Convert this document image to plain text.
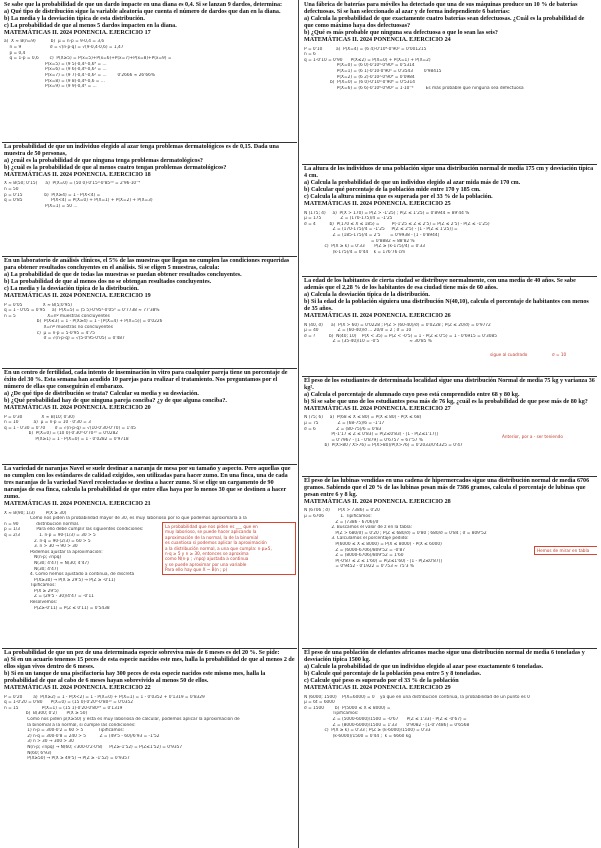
Se sabe que la probabilidad de que un dardo impacte en una diana es 0,4. Si se lanzan 9 dardos, determina:

a) Qué tipo de distribución sigue la variable aleatoria que cuenta el número de dardos que dan en la diana.

b) La media y la desviación típica de esta distribución.

c) La probabilidad de que al menos 5 dardos impacten en la diana.

MATEMÁTICAS II. 2024 PONENCIA. EJERCICIO 17

a)  X ≈ B(n=9)           b)  μ = n·p = 9·0,4 = 3,6
n = 9                     σ = √(n·p·q) = √(9·0,4·0,6) = 1,47
p = 0,4
q = 1-p = 0,6        c)  P(X≥5) = P(x=5)+P(x=6)+P(x=7)+P(x=8)+P(x=9) =
P(x=5) = (9 5)·0,4⁵·0,6⁴ = ...
P(x=6) = (9 6)·0,4⁶·0,6³ = ...
P(x=7) = (9 7)·0,4⁷·0,6² = ...        0'2666 ≈ 26'66%
P(x=8) = (9 8)·0,4⁸·0,6 = ...
P(x=9) = (9 9)·0,4⁹ = ...

La probabilidad de que un individuo elegido al azar tenga problemas dermatológicos es de 0,15. Dada una muestra de 50 personas,

a) ¿cuál es la probabilidad de que ninguna tenga problemas dermatológicos?

b) ¿cuál es la probabilidad de que al menos cuatro tengan problemas dermatológicos?

MATEMÁTICAS II. 2024 PONENCIA. EJERCICIO 18

X ≈ B(50; 0'15)      a)  P(X=0) = (50 0)·0'15⁰·0'85⁵⁰ = 2'96·10⁻⁴
n = 50
p = 0'15                b)  P(X≥4) = 1 - P(X<4) =
q = 0'85                     P(X<4) = P(X=0) + P(X=1) + P(X=2) + P(X=3)
P(X=1) = 50 ...

En un laboratorio de análisis clínicos, el 5% de las muestras que llegan no cumplen las condiciones requeridas para obtener resultados concluyentes en el análisis. Si se eligen 5 muestras, calcula:

a) La probabilidad de que de todas las muestras se puedan obtener resultados concluyentes.

b) La probabilidad de que al menos dos no se obtengan resultados concluyentes.

c) La media y la desviación típica de la distribución.

MATEMÁTICAS II. 2024 PONENCIA. EJERCICIO 19

P = 0'05               X ≈ B(5;0'95)
q = 1 - 0'05 = 0'95     a)  P(X=5) = (5 5)·0'95⁵·0'05⁰ = 0'7738 ≈ 77'38%
n = 5                       X=nº muestras concluyentes
b)  P(X≤3) = 1 - P(X≥4) = 1 - [P(X=4) + P(X=5)] = 0'0226
X=nº muestras no concluyentes
c)  μ = n·p = 5·0'95 = 4'75
σ = √(n·p·q) = √(5·0'95·0'05) = 0'487

En un centro de fertilidad, cada intento de inseminación in vitro para cualquier pareja tiene un porcentaje de éxito del 30 %. Esta semana han acudido 10 parejas para realizar el tratamiento. Nos preguntamos por el número de ellas que conseguirán el embarazo.

a) ¿De qué tipo de distribución se trata? Calcular su media y su desviación.

b) ¿Qué probabilidad hay de que ninguna pareja conciba? ¿y de que alguna conciba?.

MATEMÁTICAS II. 2024 PONENCIA. EJERCICIO 20

P = 0'30              X ≈ B(10; 0'30)
n = 10           a)  μ = n·p = 10 · 0'30 = 3
q = 1 - 0'30 = 0'70       σ = √(n·p·q) = √(10·0'30·0'70) = 1'45
b)  P(X=0) = (10 0)·0'30⁰·0'70¹⁰ = 0'0282
P(X≥1) = 1 - P(X=0) = 1 - 0'0282 = 0'9718

La variedad de naranjas Navel se suele destinar a naranja de mesa por su tamaño y aspecto. Pero aquellas que no cumplen con los estándares de calidad exigidos, son utilizadas para hacer zumo. En una finca, una de cada tres naranjas de la variedad Navel recolectadas se destina a hacer zumo. Si se elige un cargamento de 90 naranjas de esa finca, calcula la probabilidad de que entre ellas haya por lo menos 30 que se destinen a hacer zumo.

MATEMÁTICAS II. 2024 PONENCIA. EJERCICIO 21

X ≈ B(90; 1/3)        P(X ≥ 30)
Como nos piden la probabilidad mayor de 30, es muy laborioso por lo que podemos aproximarla a la
n = 90             distribución normal.
p = 1/3            Para ello debe cumplir las siguientes condiciones:
q = 2/3              1. n·p = 90·(1/3) = 30 > 5
2. n·q = 90·(2/3) = 60 > 5
3. n > 30 → 90 > 30
Podemos ajustar la aproximación:
N(n·p; √npq)
N(30; 4'47) ≈ N(30; 4'47)
N(30; 4'47)
4. Como hemos ajustado a continua, de discreta
P(X≥30) → P(X ≥ 29'5) → P(Z ≥ -0'11)
Tipificamos:
P(X ≥ 29'5)
Z = (29'5 - 30)/4'47 = -0'11
Resolvemos:
P(Z≥-0'11) = P(Z ≤ 0'11) = 0'5438
La probabilidad que nos piden es ___ que en
muy laborioso, se puede hacer aplicando la
aproximación de la normal, la de la binomial
es cuantiosa si podemos aplicar la aproximación
a la distribución normal, a una que cumpla: n·p≥5,
n·q ≥ 5 y n ≥ 30, entonces se aproxima
como N(n·p ; √npq) ajustada a continua
y se puede aproximar por una variable
Para ello hay que X ~ B(n ; p)

La probabilidad de que un pez de una determinada especie sobreviva más de 6 meses es del 20 %. Se pide:

a) Si en un acuario tenemos 15 peces de esta especie nacidos este mes, halla la probabilidad de que al menos 2 de ellos sigan vivos dentro de 6 meses.

b) Si en un tanque de una piscifactoría hay 300 peces de esta especie nacidos este mismo mes, halla la probabilidad de que al cabo de 6 meses hayan sobrevivido al menos 50 de ellos.

MATEMÁTICAS II. 2024 PONENCIA. EJERCICIO 22

P = 0'20        a)  P(X≥2) = 1 - P(X<2) = 1 - P(X=0) + P(X=1) = 1 - 0'0352 + 0'1319 = 0'8329
q = 1-0'20 = 0'80      P(X=0) = (15 0)·0'20⁰·0'80¹⁵ = 0'0352
n = 15                 P(X=1) = (15 1)·0'20·0'80¹⁴ = 0'1319
b)  B(300; 0'2)       P(X ≥ 50)
Como nos piden p(X≥50) y ésta es muy laboriosa de calcular, podemos aplicar la aproximación de
la binomial a la normal, si cumple las condiciones:
1) n·p = 300·0'2 = 60 > 5           Tipificamos:
2) n·q = 300·0'8 = 240 > 5          Z = (49'5 - 60)/6'93 = -1'52
3) n > 30 → 300 > 30
N(n·p; √npq) → N(60; √300·0'2·0'8)     P(Z≥-1'52) = P(Z≤1'52) = 0'9357
N(60; 6'93)
P(X≥50) → P(X ≥ 49'5) → P(Z ≥ -1'52) = 0'9357

Una fábrica de baterías para móviles ha detectado que una de sus máquinas produce un 10 % de baterías defectuosas. Si se han seleccionado al azar y de forma independiente 6 baterías:

a) Calcula la probabilidad de que exactamente cuatro baterías sean defectuosas. ¿Cuál es la probabilidad de que como máximo haya dos defectuosas?

b) ¿Qué es más probable que ninguna sea defectuosa o que lo sean las seis?

MATEMÁTICAS II. 2024 PONENCIA. EJERCICIO 24

P = 0'10          a)  P(X=4) = (6 4)·0'10⁴·0'90² = 0'001215
n = 6
q = 1-0'10 = 0'90      P(X≤2) = P(X=0) + P(X=1) + P(X=2)
P(X=0) = (6 0)·0'10⁰·0'90⁶ = 0'5314
P(X=1) = (6 1)·0'10·0'90⁵ = 0'3543        0'98415
P(X=2) = (6 2)·0'10²·0'90⁴ = 0'0984
b)  P(X=0) = (6 0)·0'10⁰·0'90⁶ = 0'5314
P(X=6) = (6 6)·0'10⁶·0'90⁰ = 1·10⁻⁶         Es más probable que ninguna sea defectuosa

La altura de los individuos de una población sigue una distribución normal de media 175 cm y desviación típica 4 cm.

a) Calcula la probabilidad de que un individuo elegido al azar mida más de 170 cm.

b) Calcular qué porcentaje de la población mide entre 170 y 185 cm.

c) Calcula la altura mínima que es superada por el 33 % de la población.

MATEMÁTICAS II. 2024 PONENCIA. EJERCICIO 25

N (175; 4)     a)  P(X > 170) = P(Z > -1'25) ; P(Z ≤ 1'25) = 0'8944 ≈ 89'44 %
μ = 175              Z = (170-175)/4 = -1'25
σ = 4          b)  P(170 ≤ X ≤ 185) =         P(-1'25 ≤ Z ≤ 2'5) = P(Z ≤ 2'5) - P(Z ≤ -1'25)
Z = (170-175)/4 = -1'25     P(Z ≤ 2'5) - [1 - P(Z ≤ 1'25)] =
Z = (185-175)/4 = 2'5       = 0'9938 - [1 - 0'8944]
= 0'8882 ≈ 88'82 %
c)  P(X ≥ k) = 0'33       P(Z ≥ (k-175)/4) = 0'33
(k-175)/4 = 0'44    k = 176'76 cm

La edad de los habitantes de cierta ciudad se distribuye normalmente, con una media de 40 años. Se sabe además que el 2,28 % de los habitantes de esa ciudad tiene más de 60 años.

a) Calcula la desviación típica de la distribución.

b) Si la edad de la población siguiera una distribución N(40,10), calcula el porcentaje de habitantes con menos de 35 años.

MATEMÁTICAS II. 2024 PONENCIA. EJERCICIO 26

N (40, σ)      a)  P(X > 60) = 0'0228 ; P(Z > (60-40)/σ) = 0'0228 ; P(Z ≤ 20/σ) = 0'9772
μ = 40              Z = (60-40)/σ ... 20/σ = 2 ; σ = 10
σ = ?          b)  N(40; 10)    P(X < 35) = P(Z < -0'5) = 1 - P(Z ≤ 0'5) = 1 - 0'6915 = 0'3085
Z = (35-40)/10 = -0'5                      ≈ 30'85 %
sigue al cuadrado	σ = 10

El peso de los estudiantes de determinada localidad sigue una distribución Normal de media 75 kg y varianza 36 kg².

a) Calcula el porcentaje de alumnado cuyo peso está comprendido entre 68 y 80 kg.

b) Si se sabe que uno de los estudiantes pesa más de 76 kg, ¿cuál es la probabilidad de que pese más de 80 kg?

MATEMÁTICAS II. 2024 PONENCIA. EJERCICIO 27

N (75; 6)     a)  P(68 ≤ X ≤ 80) = P(X ≤ 80) - P(X ≤ 68)
μ = 75              Z = (68-75)/6 = -1'17
σ = 6               Z = (80-75)/6 = 0'83
P(-1'17 ≤ Z ≤ 0'83) = P(Z≤0'83) - [1 - P(Z≤1'17)]
= 0'7967 - [1 - 0'879] = 0'6757 ≈ 67'57 %
b)  P(X>80 / X>76) = P(X>80)/P(X>76) = 0'2033/0'4325 = 0'47
Anterior, por a - ser teniendo

El peso de las lubinas vendidas en una cadena de hipermercados sigue una distribución normal de media 6706 gramos. Sabiendo que el 20 % de las lubinas pesan más de 7386 gramos, calcula el porcentaje de lubinas que pesan entre 6 y 8 kg.

MATEMÁTICAS II. 2024 PONENCIA. EJERCICIO 28

N (6706 ; σ)      P(X > 7386) = 0'20
μ = 6706            1. Tipificamos:
Z = (7386 - 6706)/σ
2. Buscamos el valor de z en la tabla:
P(Z > 680/σ) = 0'20 ; P(Z ≤ 680/σ) = 0'80 ; 680/σ = 0'84 ; σ = 809'52
3. Calculamos el porcentaje pedido:
P(6000 ≤ X ≤ 8000) = P(X ≤ 8000) - P(X ≤ 6000)
Z = (6000-6706)/809'52 = -0'87
Z = (8000-6706)/809'52 = 1'60
P(-0'87 ≤ Z ≤ 1'60) = P(Z≤1'60) - [1 - P(Z≤0'87)]
= 0'9452 - 0'1922 = 0'753 ≈ 75'3 %
Hemos de mirar en tabla

El peso de una población de elefantes africanos macho sigue una distribución normal de media 6 toneladas y desviación típica 1500 kg.

a) Calcule la probabilidad de que un individuo elegido al azar pese exactamente 6 toneladas.

b) Calcule qué porcentaje de la población pesa entre 5 y 8 toneladas.

c) Calcule qué peso es superado por el 33 % de la población

MATEMÁTICAS II. 2024 PONENCIA. EJERCICIO 29

N (6000; 1500)    P(X=6000) = 0    ya que en una distribución continua, la probabilidad de un punto es 0
μ = 6t = 6000
σ = 1500        b)  P(5000 ≤ X ≤ 8000) =
Tipificamos:
Z = (5000-6000)/1500 = -0'67      P(Z ≤ 1'33) - P(Z ≤ -0'67) =
Z = (8000-6000)/1500 = 1'33       0'9082 - [1-0'7486] = 0'6568
c)  P(X ≥ k) = 0'33 ; P(Z ≥ (k-6000)/1500) = 0'33
(k-6000)/1500 = 0'44 ;  k = 6660 kg
